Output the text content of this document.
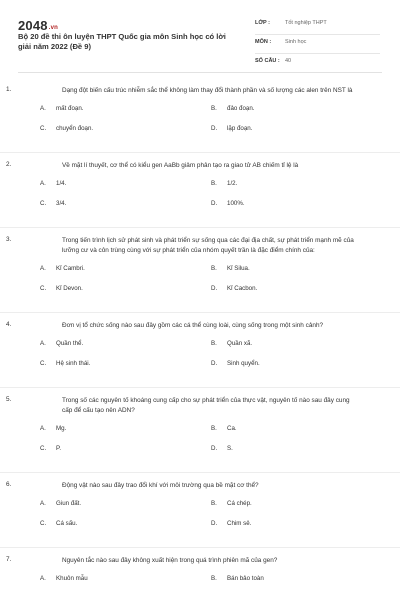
2048.vn
Bộ 20 đề thi ôn luyện THPT Quốc gia môn Sinh học có lời giải năm 2022 (Đề 9)
LỚP :	Tốt nghiệp THPT
MÔN :	Sinh học
SỐ CÂU : 40
1.	Dạng đột biến cấu trúc nhiễm sắc thể không làm thay đổi thành phần và số lượng các alen trên NST là
A. mất đoạn.	B. đảo đoạn.
C. chuyển đoạn.	D. lặp đoạn.
2.	Về mặt lí thuyết, cơ thể có kiểu gen AaBb giảm phân tạo ra giao tử AB chiếm tỉ lệ là
A. 1/4.	B. 1/2.
C. 3/4.	D. 100%.
3.	Trong tiến trình lịch sử phát sinh và phát triển sự sống qua các đại địa chất, sự phát triển mạnh mẽ của lưỡng cư và côn trùng cùng với sự phát triển của nhóm quyết trần là đặc điểm chính của:
A. Kỉ Cambri.	B. Kỉ Silua.
C. Kỉ Devon.	D. Kỉ Cacbon.
4.	Đơn vị tổ chức sống nào sau đây gồm các cá thể cùng loài, cùng sống trong một sinh cảnh?
A. Quần thể.	B. Quần xã.
C. Hệ sinh thái.	D. Sinh quyển.
5.	Trong số các nguyên tố khoáng cung cấp cho sự phát triển của thực vật, nguyên tố nào sau đây cung cấp để cấu tạo nên ADN?
A. Mg.	B. Ca.
C. P.	D. S.
6.	Động vật nào sau đây trao đổi khí với môi trường qua bề mặt cơ thể?
A. Giun đất.	B. Cá chép.
C. Cá sấu.	D. Chim sẻ.
7.	Nguyên tắc nào sau đây không xuất hiện trong quá trình phiên mã của gen?
A. Khuôn mẫu	B. Bán bảo toàn
